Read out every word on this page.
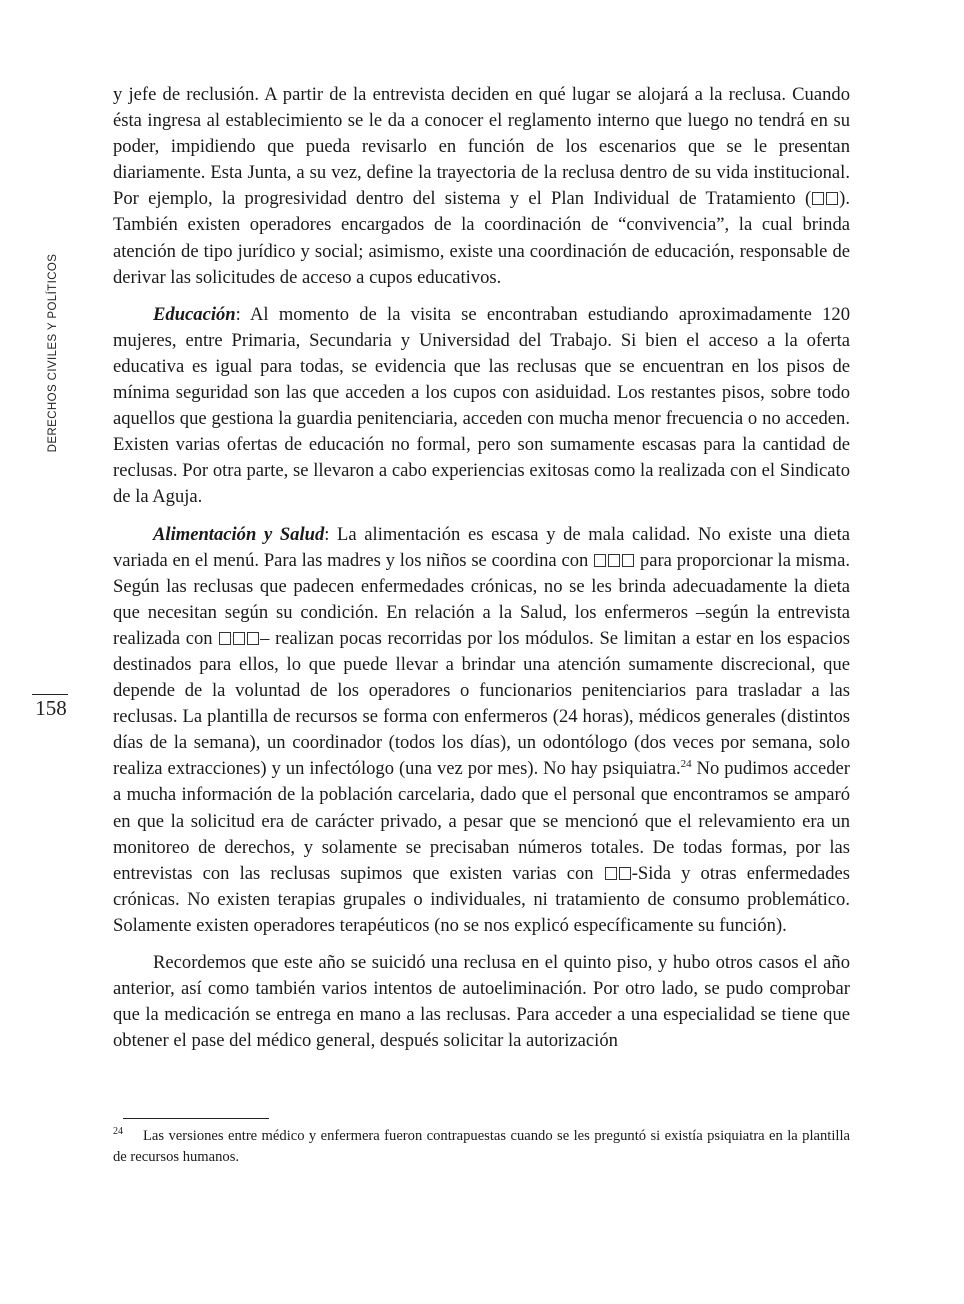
DERECHOS CIVILES Y POLÍTICOS
158

y jefe de reclusión. A partir de la entrevista deciden en qué lugar se alojará a la reclusa. Cuando ésta ingresa al establecimiento se le da a conocer el reglamento interno que luego no tendrá en su poder, impidiendo que pueda revisarlo en función de los escenarios que se le presentan diariamente. Esta Junta, a su vez, define la trayectoria de la reclusa dentro de su vida institucional. Por ejemplo, la progresividad dentro del sistema y el Plan Individual de Tratamiento ( ). También existen operadores encargados de la coordinación de “convivencia”, la cual brinda atención de tipo jurídico y social; asimismo, existe una coordinación de educación, responsable de derivar las solicitudes de acceso a cupos educativos.

Educación: Al momento de la visita se encontraban estudiando aproximadamente 120 mujeres, entre Primaria, Secundaria y Universidad del Trabajo. Si bien el acceso a la oferta educativa es igual para todas, se evidencia que las reclusas que se encuentran en los pisos de mínima seguridad son las que acceden a los cupos con asiduidad. Los restantes pisos, sobre todo aquellos que gestiona la guardia penitenciaria, acceden con mucha menor frecuencia o no acceden. Existen varias ofertas de educación no formal, pero son sumamente escasas para la cantidad de reclusas. Por otra parte, se llevaron a cabo experiencias exitosas como la realizada con el Sindicato de la Aguja.

Alimentación y Salud: La alimentación es escasa y de mala calidad. No existe una dieta variada en el menú. Para las madres y los niños se coordina con  para proporcionar la misma. Según las reclusas que padecen enfermedades crónicas, no se les brinda adecuadamente la dieta que necesitan según su condición. En relación a la Salud, los enfermeros –según la entrevista realizada con – realizan pocas recorridas por los módulos. Se limitan a estar en los espacios destinados para ellos, lo que puede llevar a brindar una atención sumamente discrecional, que depende de la voluntad de los operadores o funcionarios penitenciarios para trasladar a las reclusas. La plantilla de recursos se forma con enfermeros (24 horas), médicos generales (distintos días de la semana), un coordinador (todos los días), un odontólogo (dos veces por semana, solo realiza extracciones) y un infectólogo (una vez por mes). No hay psiquiatra.$^{24}$ No pudimos acceder a mucha información de la población carcelaria, dado que el personal que encontramos se amparó en que la solicitud era de carácter privado, a pesar que se mencionó que el relevamiento era un monitoreo de derechos, y solamente se precisaban números totales. De todas formas, por las entrevistas con las reclusas supimos que existen varias con -Sida y otras enfermedades crónicas. No existen terapias grupales o individuales, ni tratamiento de consumo problemático. Solamente existen operadores terapéuticos (no se nos explicó específicamente su función).

Recordemos que este año se suicidó una reclusa en el quinto piso, y hubo otros casos el año anterior, así como también varios intentos de autoeliminación. Por otro lado, se pudo comprobar que la medicación se entrega en mano a las reclusas. Para acceder a una especialidad se tiene que obtener el pase del médico general, después solicitar la autorización

$^{24}$ Las versiones entre médico y enfermera fueron contrapuestas cuando se les preguntó si existía psiquiatra en la plantilla de recursos humanos.
